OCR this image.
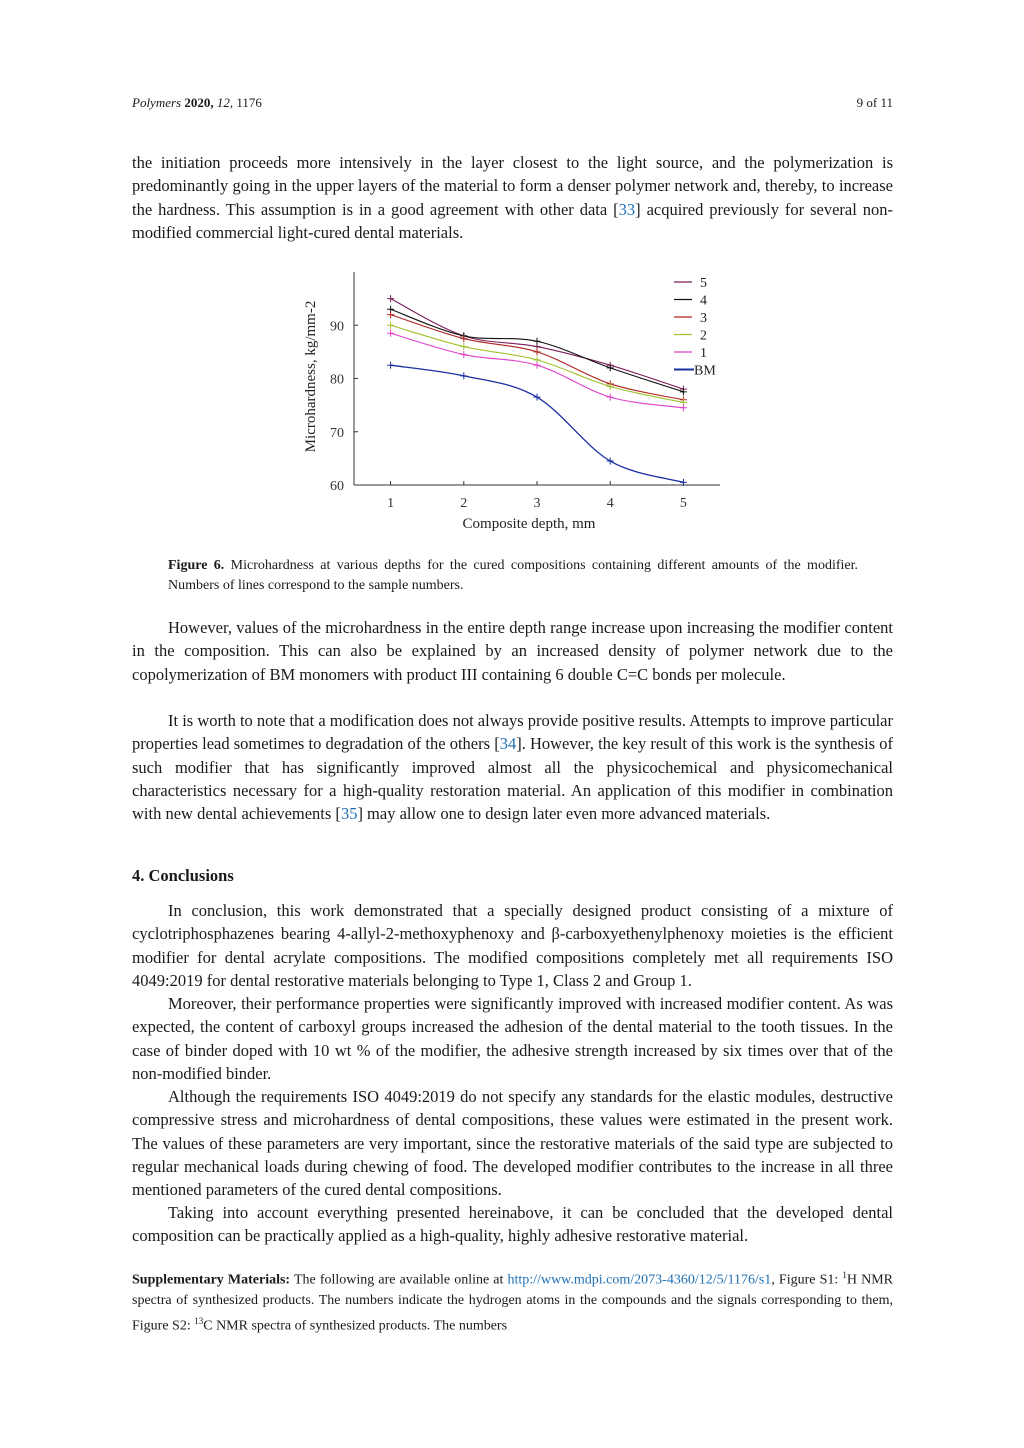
Polymers 2020, 12, 1176	9 of 11

the initiation proceeds more intensively in the layer closest to the light source, and the polymerization is predominantly going in the upper layers of the material to form a denser polymer network and, thereby, to increase the hardness. This assumption is in a good agreement with other data [33] acquired previously for several non-modified commercial light-cured dental materials.

60
70
80
90
1	2	3	4	5
Composite depth, mm
Microhardness, kg/mm-2
5
4
3
2
1
BM

Figure 6. Microhardness at various depths for the cured compositions containing different amounts of the modifier. Numbers of lines correspond to the sample numbers.

However, values of the microhardness in the entire depth range increase upon increasing the modifier content in the composition. This can also be explained by an increased density of polymer network due to the copolymerization of BM monomers with product III containing 6 double C=C bonds per molecule.

It is worth to note that a modification does not always provide positive results. Attempts to improve particular properties lead sometimes to degradation of the others [34]. However, the key result of this work is the synthesis of such modifier that has significantly improved almost all the physicochemical and physicomechanical characteristics necessary for a high-quality restoration material. An application of this modifier in combination with new dental achievements [35] may allow one to design later even more advanced materials.

4. Conclusions

In conclusion, this work demonstrated that a specially designed product consisting of a mixture of cyclotriphosphazenes bearing 4-allyl-2-methoxyphenoxy and β-carboxyethenylphenoxy moieties is the efficient modifier for dental acrylate compositions. The modified compositions completely met all requirements ISO 4049:2019 for dental restorative materials belonging to Type 1, Class 2 and Group 1.

Moreover, their performance properties were significantly improved with increased modifier content. As was expected, the content of carboxyl groups increased the adhesion of the dental material to the tooth tissues. In the case of binder doped with 10 wt % of the modifier, the adhesive strength increased by six times over that of the non-modified binder.

Although the requirements ISO 4049:2019 do not specify any standards for the elastic modules, destructive compressive stress and microhardness of dental compositions, these values were estimated in the present work. The values of these parameters are very important, since the restorative materials of the said type are subjected to regular mechanical loads during chewing of food. The developed modifier contributes to the increase in all three mentioned parameters of the cured dental compositions.

Taking into account everything presented hereinabove, it can be concluded that the developed dental composition can be practically applied as a high-quality, highly adhesive restorative material.

Supplementary Materials: The following are available online at http://www.mdpi.com/2073-4360/12/5/1176/s1, Figure S1: $^1$H NMR spectra of synthesized products. The numbers indicate the hydrogen atoms in the compounds and the signals corresponding to them, Figure S2: $^{13}$C NMR spectra of synthesized products. The numbers
